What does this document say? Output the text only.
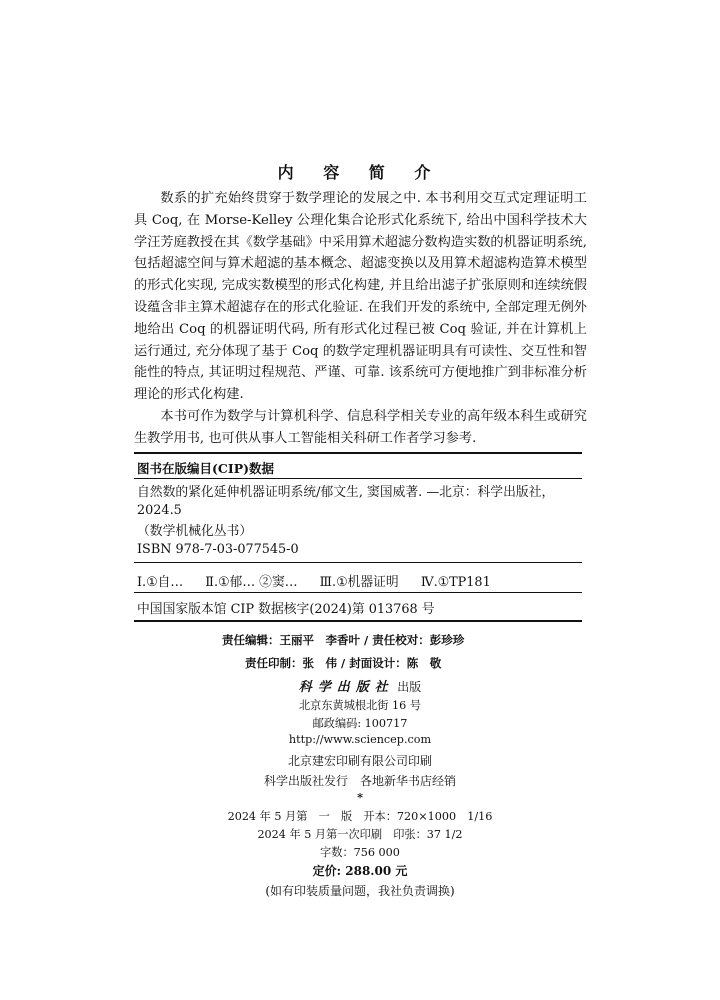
内 容 简 介

数系的扩充始终贯穿于数学理论的发展之中. 本书利用交互式定理证明工具 Coq, 在 Morse-Kelley 公理化集合论形式化系统下, 给出中国科学技术大学汪芳庭教授在其《数学基础》中采用算术超滤分数构造实数的机器证明系统, 包括超滤空间与算术超滤的基本概念、超滤变换以及用算术超滤构造算术模型的形式化实现, 完成实数模型的形式化构建, 并且给出滤子扩张原则和连续统假设蕴含非主算术超滤存在的形式化验证. 在我们开发的系统中, 全部定理无例外地给出 Coq 的机器证明代码, 所有形式化过程已被 Coq 验证, 并在计算机上运行通过, 充分体现了基于 Coq 的数学定理机器证明具有可读性、交互性和智能性的特点, 其证明过程规范、严谨、可靠. 该系统可方便地推广到非标准分析理论的形式化构建.

本书可作为数学与计算机科学、信息科学相关专业的高年级本科生或研究生教学用书, 也可供从事人工智能相关科研工作者学习参考.

图书在版编目(CIP)数据
自然数的紧化延伸机器证明系统/郁文生, 窦国威著. —北京：科学出版社，2024.5
（数学机械化丛书）
ISBN 978-7-03-077545-0
Ⅰ.①自… Ⅱ.①郁… ②窦… Ⅲ.①机器证明 Ⅳ.①TP181
中国国家版本馆 CIP 数据核字(2024)第 013768 号
责任编辑：王丽平　李香叶 / 责任校对：彭珍珍
责任印制：张　伟 / 封面设计：陈　敬
科学出版社 出版
北京东黄城根北街 16 号
邮政编码: 100717
http://www.sciencep.com
北京建宏印刷有限公司印刷
科学出版社发行　各地新华书店经销
*
2024 年 5 月第　一　版　开本：720×1000　1/16
2024 年 5 月第一次印刷　印张：37 1/2
字数：756 000
定价: 288.00 元
(如有印装质量问题，我社负责调换)
